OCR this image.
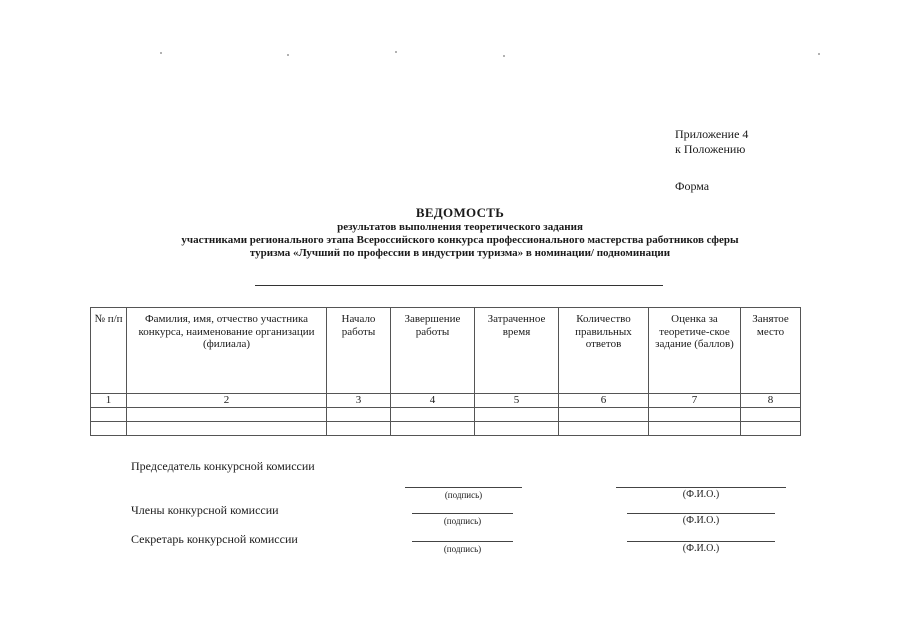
Приложение 4
к Положению
Форма
ВЕДОМОСТЬ
результатов выполнения теоретического задания
участниками регионального этапа Всероссийского конкурса профессионального мастерства работников сферы
туризма «Лучший по профессии в индустрии туризма» в номинации/ подноминации
№ п/п	Фамилия, имя, отчество участника конкурса, наименование организации (филиала)	Начало работы	Завершение работы	Затраченное время	Количество правильных ответов	Оценка за теоретиче-ское задание (баллов)	Занятое место
1	2	3	4	5	6	7	8

Председатель конкурсной комиссии
(подпись)	(Ф.И.О.)
Члены конкурсной комиссии
(подпись)	(Ф.И.О.)
Секретарь конкурсной комиссии
(подпись)	(Ф.И.О.)
